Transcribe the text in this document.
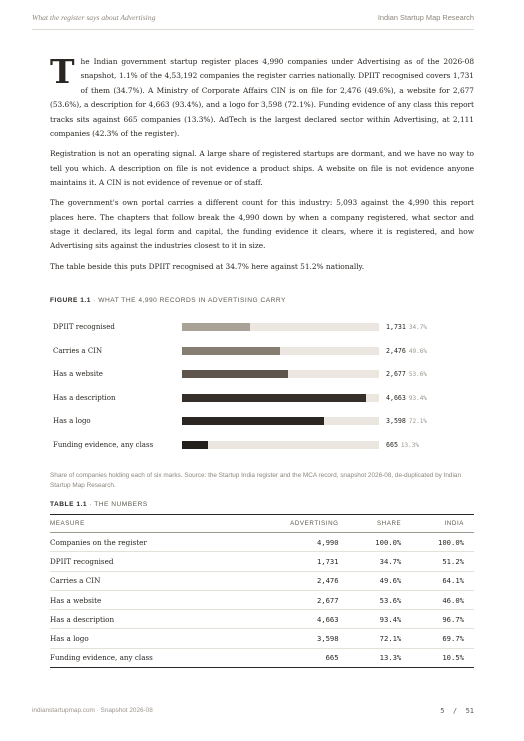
What the register says about Advertising	Indian Startup Map Research

The Indian government startup register places 4,990 companies under Advertising as of the 2026-08 snapshot, 1.1% of the 4,53,192 companies the register carries nationally. DPIIT recognised covers 1,731 of them (34.7%). A Ministry of Corporate Affairs CIN is on file for 2,476 (49.6%), a website for 2,677 (53.6%), a description for 4,663 (93.4%), and a logo for 3,598 (72.1%). Funding evidence of any class this report tracks sits against 665 companies (13.3%). AdTech is the largest declared sector within Advertising, at 2,111 companies (42.3% of the register).

Registration is not an operating signal. A large share of registered startups are dormant, and we have no way to tell you which. A description on file is not evidence a product ships. A website on file is not evidence anyone maintains it. A CIN is not evidence of revenue or of staff.

The government's own portal carries a different count for this industry: 5,093 against the 4,990 this report places here. The chapters that follow break the 4,990 down by when a company registered, what sector and stage it declared, its legal form and capital, the funding evidence it clears, where it is registered, and how Advertising sits against the industries closest to it in size.

The table beside this puts DPIIT recognised at 34.7% here against 51.2% nationally.

FIGURE 1.1 · WHAT THE 4,990 RECORDS IN ADVERTISING CARRY
DPIIT recognised	1,731 34.7%
Carries a CIN	2,476 49.6%
Has a website	2,677 53.6%
Has a description	4,663 93.4%
Has a logo	3,598 72.1%
Funding evidence, any class	665 13.3%
Share of companies holding each of six marks. Source: the Startup India register and the MCA record, snapshot 2026-08, de-duplicated by Indian Startup Map Research.
TABLE 1.1 · THE NUMBERS
MEASURE	ADVERTISING	SHARE	INDIA
Companies on the register	4,990	100.0%	100.0%
DPIIT recognised	1,731	34.7%	51.2%
Carries a CIN	2,476	49.6%	64.1%
Has a website	2,677	53.6%	46.0%
Has a description	4,663	93.4%	96.7%
Has a logo	3,598	72.1%	69.7%
Funding evidence, any class	665	13.3%	10.5%
indianstartupmap.com · Snapshot 2026-08	5 / 51
